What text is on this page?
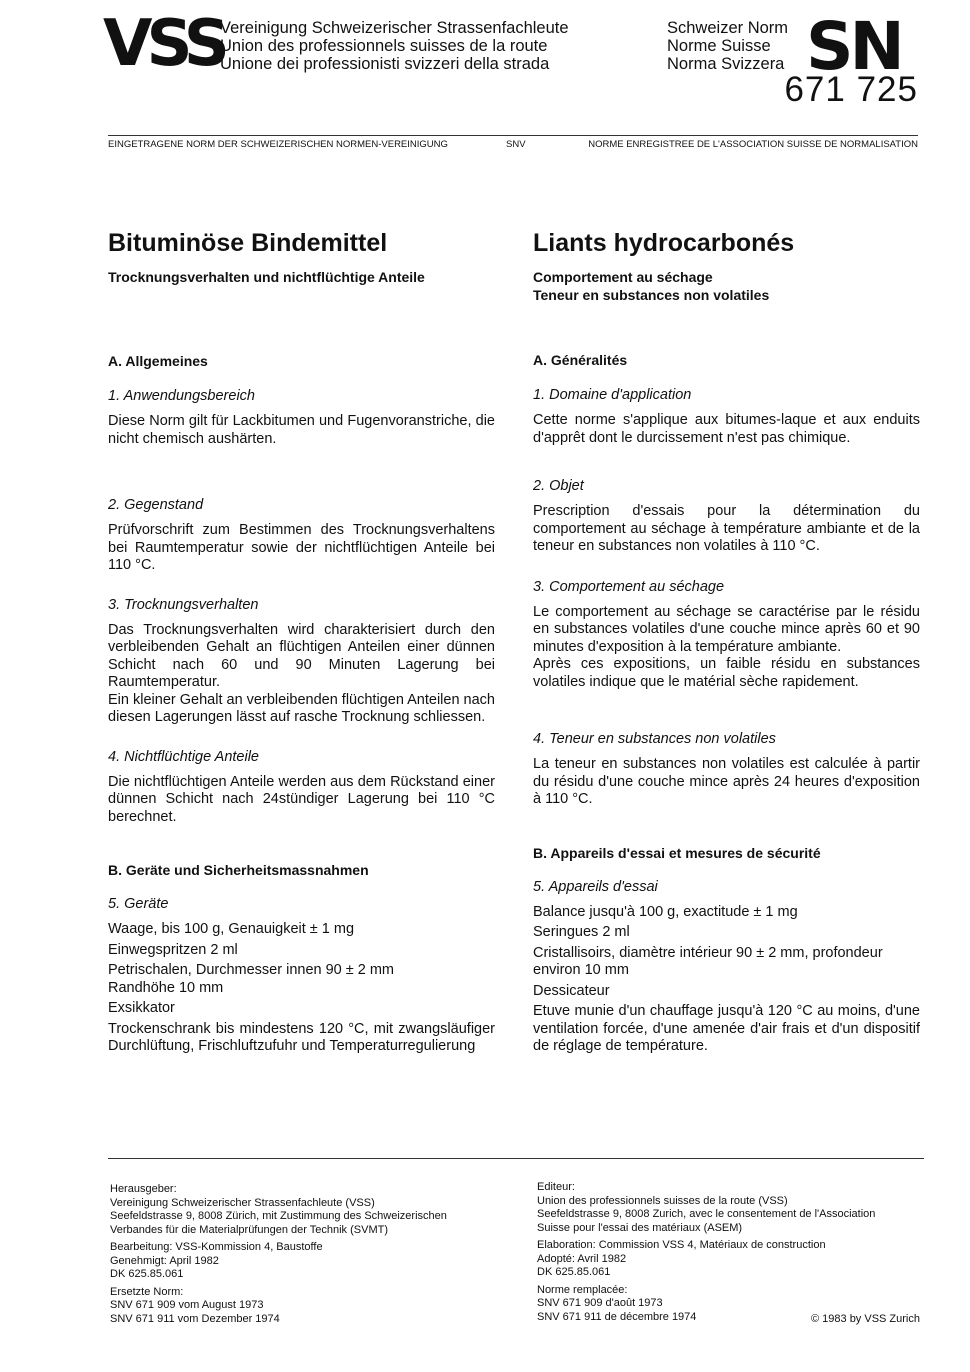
VSS
Vereinigung Schweizerischer Strassenfachleute
Union des professionnels suisses de la route
Unione dei professionisti svizzeri della strada
Schweizer Norm
Norme Suisse
Norma Svizzera SN
671 725
EINGETRAGENE NORM DER SCHWEIZERISCHEN NORMEN-VEREINIGUNG	SNV	NORME ENREGISTREE DE L'ASSOCIATION SUISSE DE NORMALISATION
Bituminöse Bindemittel

Trocknungsverhalten und nichtflüchtige Anteile

A. Allgemeines

1. Anwendungsbereich

Diese Norm gilt für Lackbitumen und Fugenvoranstriche, die nicht chemisch aushärten.

2. Gegenstand

Prüfvorschrift zum Bestimmen des Trocknungsverhaltens bei Raumtemperatur sowie der nichtflüchtigen Anteile bei 110 °C.

3. Trocknungsverhalten

Das Trocknungsverhalten wird charakterisiert durch den verbleibenden Gehalt an flüchtigen Anteilen einer dünnen Schicht nach 60 und 90 Minuten Lagerung bei Raumtemperatur.

Ein kleiner Gehalt an verbleibenden flüchtigen Anteilen nach diesen Lagerungen lässt auf rasche Trocknung schliessen.

4. Nichtflüchtige Anteile

Die nichtflüchtigen Anteile werden aus dem Rückstand einer dünnen Schicht nach 24stündiger Lagerung bei 110 °C berechnet.

B. Geräte und Sicherheitsmassnahmen

5. Geräte

Waage, bis 100 g, Genauigkeit ± 1 mg

Einwegspritzen 2 ml

Petrischalen, Durchmesser innen 90 ± 2 mm Randhöhe 10 mm

Exsikkator

Trockenschrank bis mindestens 120 °C, mit zwangsläufiger Durchlüftung, Frischluftzufuhr und Temperaturregulierung

Liants hydrocarbonés

Comportement au séchage

Teneur en substances non volatiles

A. Généralités

1. Domaine d'application

Cette norme s'applique aux bitumes-laque et aux enduits d'apprêt dont le durcissement n'est pas chimique.

2. Objet

Prescription d'essais pour la détermination du comportement au séchage à température ambiante et de la teneur en substances non volatiles à 110 °C.

3. Comportement au séchage

Le comportement au séchage se caractérise par le résidu en substances volatiles d'une couche mince après 60 et 90 minutes d'exposition à la température ambiante.

Après ces expositions, un faible résidu en substances volatiles indique que le matérial sèche rapidement.

4. Teneur en substances non volatiles

La teneur en substances non volatiles est calculée à partir du résidu d'une couche mince après 24 heures d'exposition à 110 °C.

B. Appareils d'essai et mesures de sécurité

5. Appareils d'essai

Balance jusqu'à 100 g, exactitude ± 1 mg

Seringues 2 ml

Cristallisoirs, diamètre intérieur 90 ± 2 mm, profondeur environ 10 mm

Dessicateur

Etuve munie d'un chauffage jusqu'à 120 °C au moins, d'une ventilation forcée, d'une amenée d'air frais et d'un dispositif de réglage de température.

Herausgeber:

Vereinigung Schweizerischer Strassenfachleute (VSS)

Seefeldstrasse 9, 8008 Zürich, mit Zustimmung des Schweizerischen

Verbandes für die Materialprüfungen der Technik (SVMT)

Bearbeitung: VSS-Kommission 4, Baustoffe

Genehmigt: April 1982

DK 625.85.061

Ersetzte Norm:

SNV 671 909 vom August 1973

SNV 671 911 vom Dezember 1974

Editeur:

Union des professionnels suisses de la route (VSS)

Seefeldstrasse 9, 8008 Zurich, avec le consentement de l'Association

Suisse pour l'essai des matériaux (ASEM)

Elaboration: Commission VSS 4, Matériaux de construction

Adopté: Avril 1982

DK 625.85.061

Norme remplacée:

SNV 671 909 d'août 1973

SNV 671 911 de décembre 1974	© 1983 by VSS Zurich
